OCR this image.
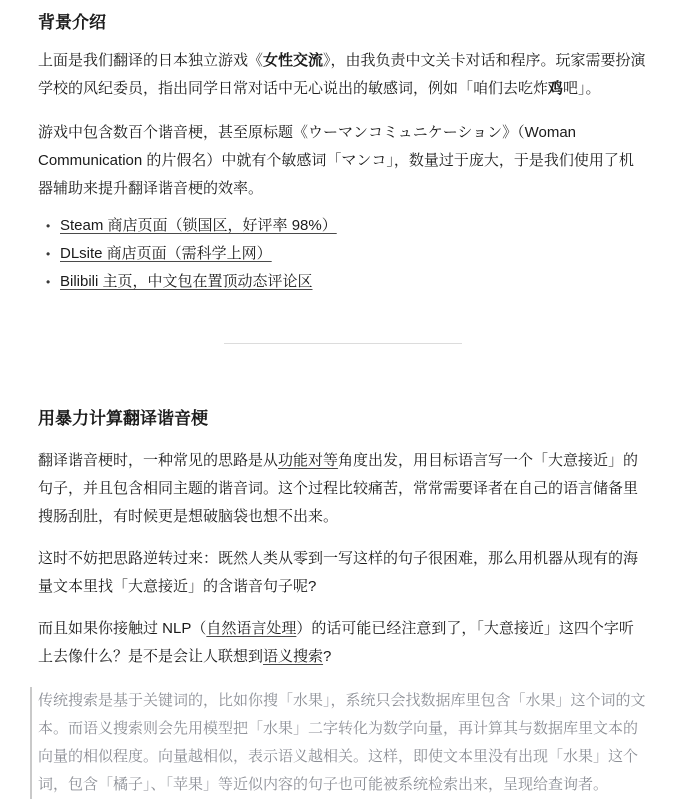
背景介绍

上面是我们翻译的日本独立游戏《女性交流》，由我负责中文关卡对话和程序。玩家需要扮演学校的风纪委员，指出同学日常对话中无心说出的敏感词，例如「咱们去吃炸鸡吧」。

游戏中包含数百个谐音梗，甚至原标题《ウーマンコミュニケーション》（Woman Communication 的片假名）中就有个敏感词「マンコ」，数量过于庞大，于是我们使用了机器辅助来提升翻译谐音梗的效率。

• Steam 商店页面（锁国区，好评率 98%）
• DLsite 商店页面（需科学上网）
• Bilibili 主页，中文包在置顶动态评论区
用暴力计算翻译谐音梗

翻译谐音梗时，一种常见的思路是从功能对等角度出发，用目标语言写一个「大意接近」的句子，并且包含相同主题的谐音词。这个过程比较痛苦，常常需要译者在自己的语言储备里搜肠刮肚，有时候更是想破脑袋也想不出来。

这时不妨把思路逆转过来：既然人类从零到一写这样的句子很困难，那么用机器从现有的海量文本里找「大意接近」的含谐音句子呢?

而且如果你接触过 NLP（自然语言处理）的话可能已经注意到了，「大意接近」这四个字听上去像什么？是不是会让人联想到语义搜索?

传统搜索是基于关键词的，比如你搜「水果」，系统只会找数据库里包含「水果」这个词的文本。而语义搜索则会先用模型把「水果」二字转化为数学向量，再计算其与数据库里文本的向量的相似程度。向量越相似，表示语义越相关。这样，即使文本里没有出现「水果」这个词，包含「橘子」、「苹果」等近似内容的句子也可能被系统检索出来，呈现给查询者。
